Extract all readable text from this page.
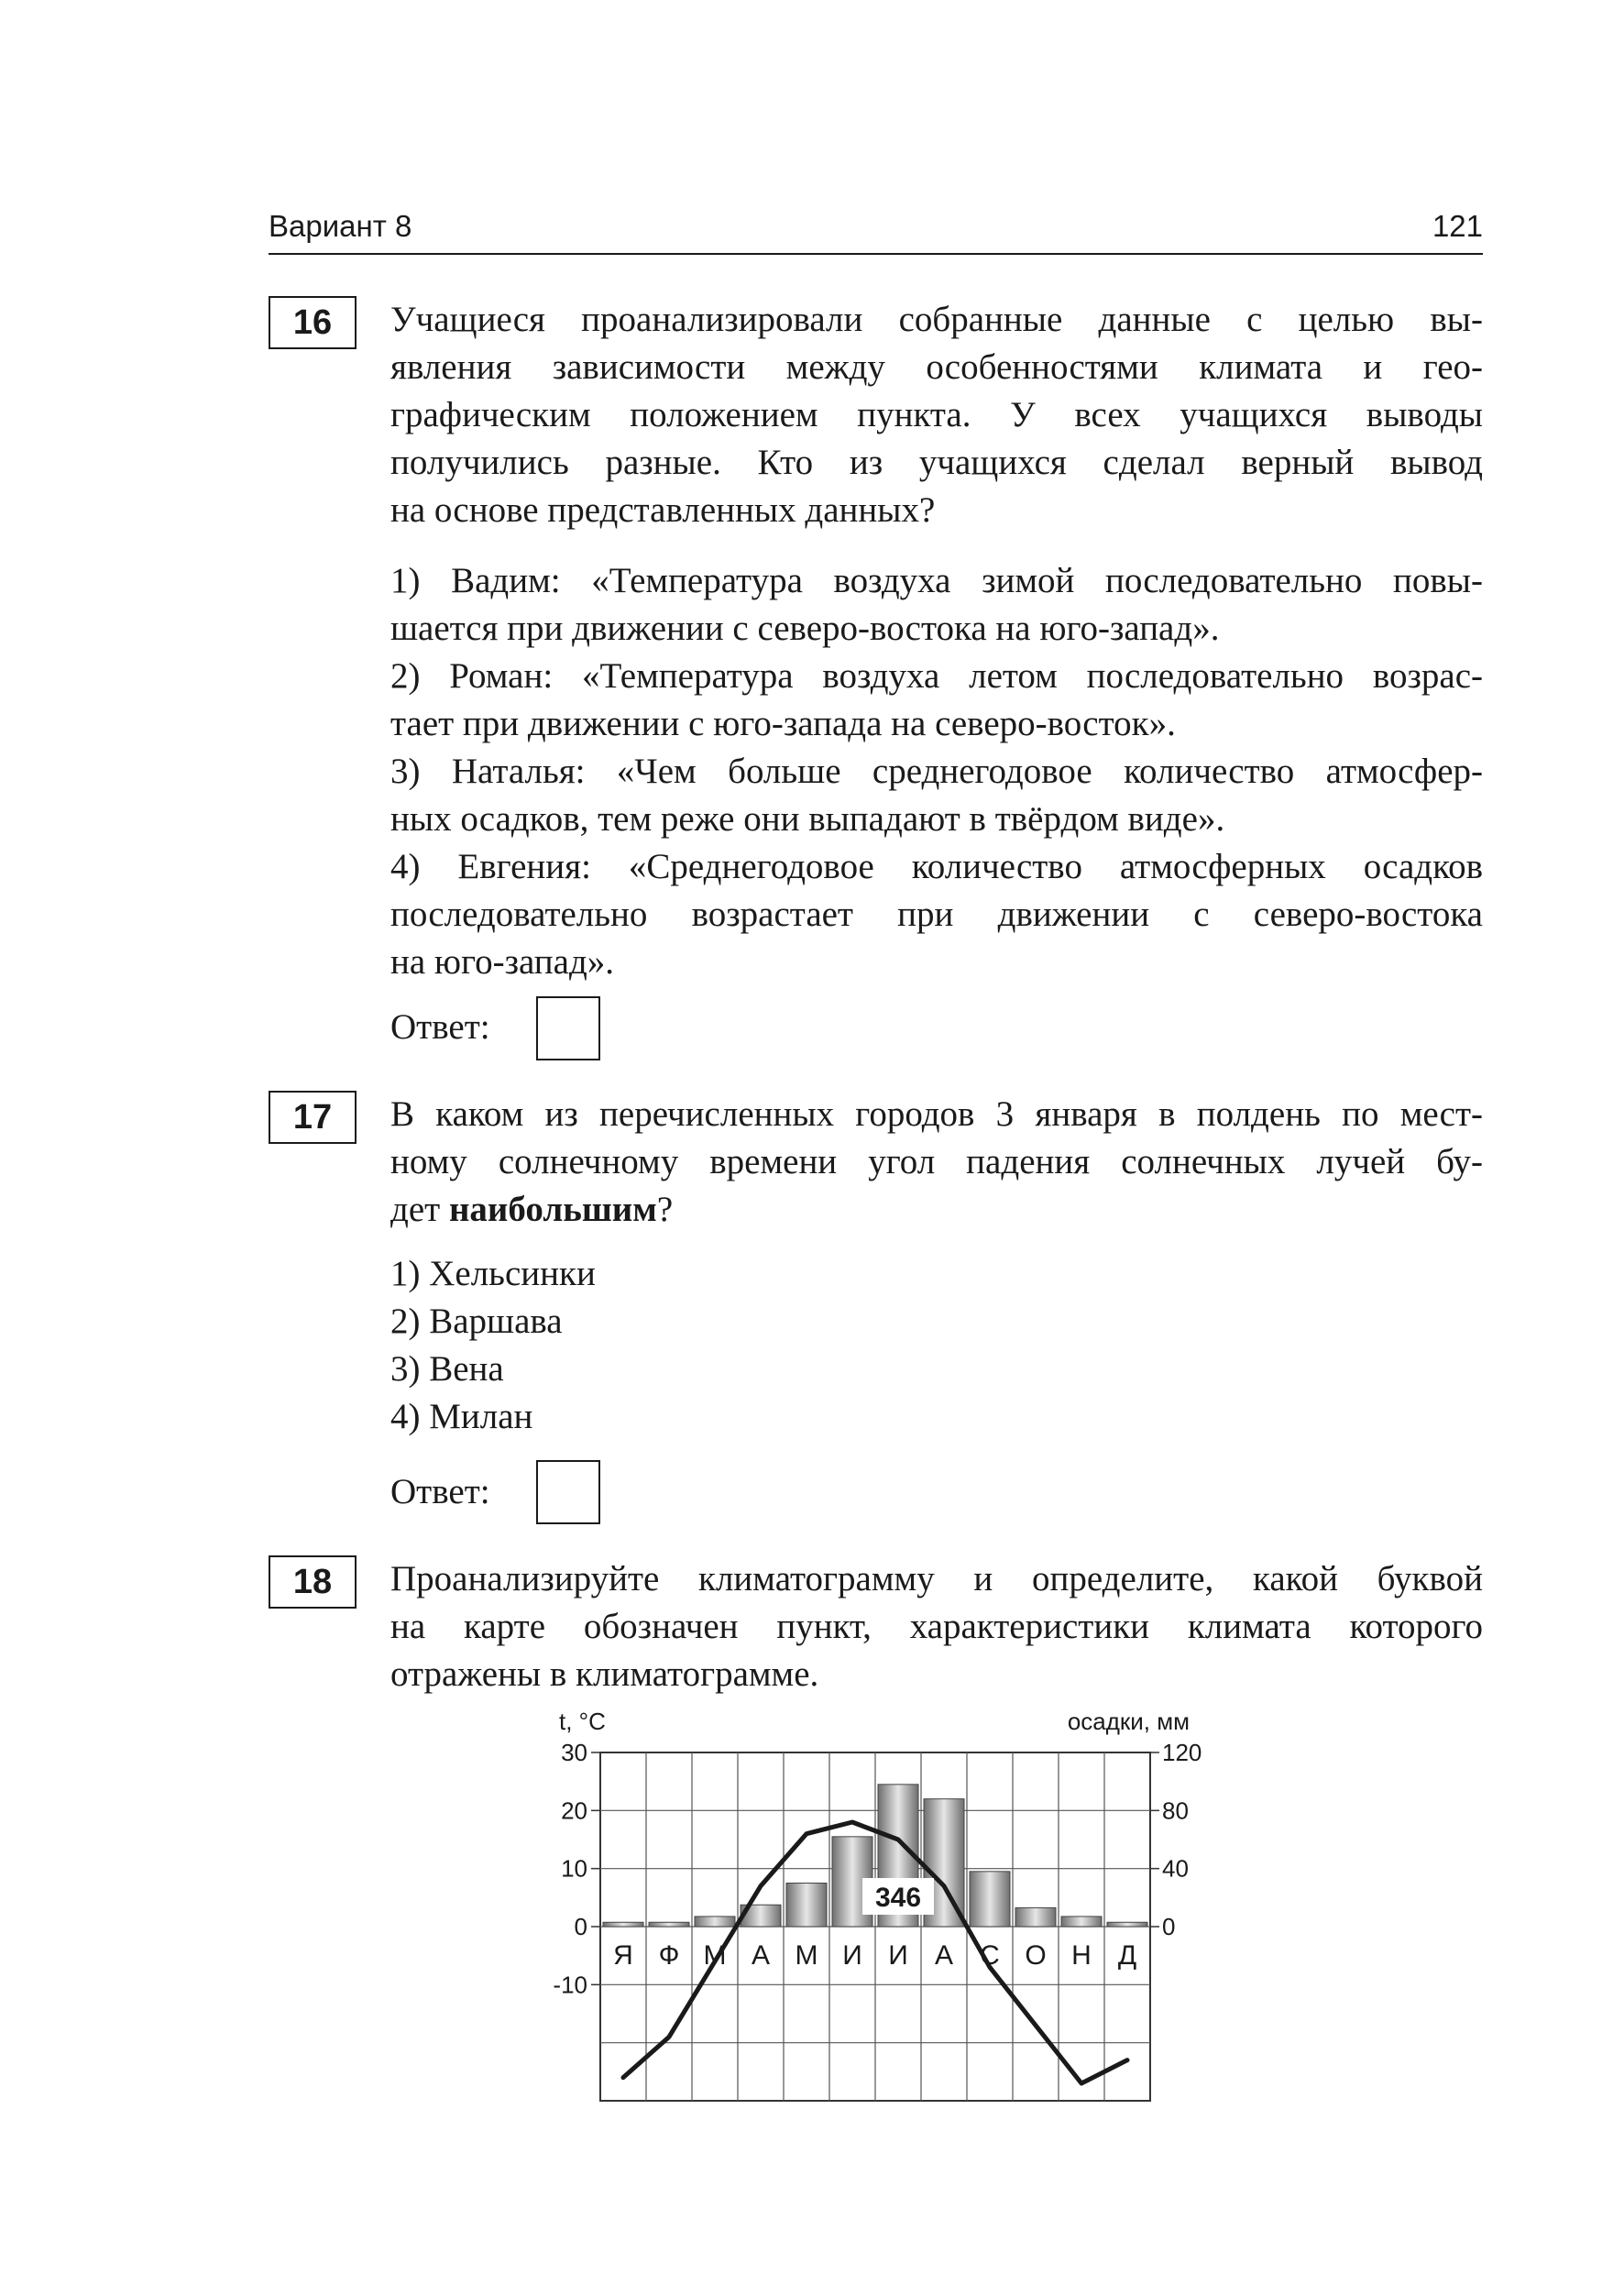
Вариант 8	121
16	Учащиеся проанализировали собранные данные с целью вы-
явления зависимости между особенностями климата и гео-
графическим положением пункта. У всех учащихся выводы
получились разные. Кто из учащихся сделал верный вывод
на основе представленных данных?
1) Вадим: «Температура воздуха зимой последовательно повы-
шается при движении с северо-востока на юго-запад».
2) Роман: «Температура воздуха летом последовательно возрас-
тает при движении с юго-запада на северо-восток».
3) Наталья: «Чем больше среднегодовое количество атмосфер-
ных осадков, тем реже они выпадают в твёрдом виде».
4) Евгения: «Среднегодовое количество атмосферных осадков
последовательно возрастает при движении с северо-востока
на юго-запад».
Ответ:
17	В каком из перечисленных городов 3 января в полдень по мест-
ному солнечному времени угол падения солнечных лучей бу-
дет наибольшим?
1) Хельсинки
2) Варшава
3) Вена
4) Милан
Ответ:
18	Проанализируйте климатограмму и определите, какой буквой
на карте обозначен пункт, характеристики климата которого
отражены в климатограмме.
t, °C	осадки, мм
Я Ф М А М И И А С О Н Д
30
20
10
0
-10
120
80
40
0
346
